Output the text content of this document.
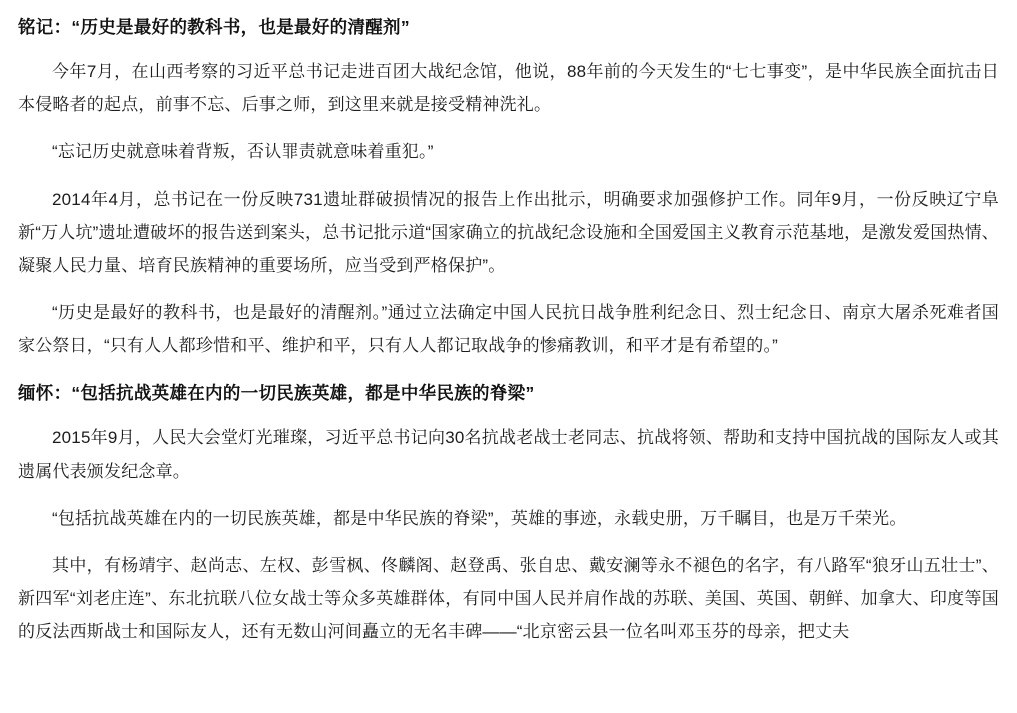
铭记：“历史是最好的教科书，也是最好的清醒剂”

今年7月，在山西考察的习近平总书记走进百团大战纪念馆，他说，88年前的今天发生的“七七事变”，是中华民族全面抗击日本侵略者的起点，前事不忘、后事之师，到这里来就是接受精神洗礼。

“忘记历史就意味着背叛，否认罪责就意味着重犯。”

2014年4月，总书记在一份反映731遗址群破损情况的报告上作出批示，明确要求加强修护工作。同年9月，一份反映辽宁阜新“万人坑”遗址遭破坏的报告送到案头，总书记批示道“国家确立的抗战纪念设施和全国爱国主义教育示范基地，是激发爱国热情、凝聚人民力量、培育民族精神的重要场所，应当受到严格保护”。

“历史是最好的教科书，也是最好的清醒剂。”通过立法确定中国人民抗日战争胜利纪念日、烈士纪念日、南京大屠杀死难者国家公祭日，“只有人人都珍惜和平、维护和平，只有人人都记取战争的惨痛教训，和平才是有希望的。”

缅怀：“包括抗战英雄在内的一切民族英雄，都是中华民族的脊梁”

2015年9月，人民大会堂灯光璀璨，习近平总书记向30名抗战老战士老同志、抗战将领、帮助和支持中国抗战的国际友人或其遗属代表颁发纪念章。

“包括抗战英雄在内的一切民族英雄，都是中华民族的脊梁”，英雄的事迹，永载史册，万千瞩目，也是万千荣光。

其中，有杨靖宇、赵尚志、左权、彭雪枫、佟麟阁、赵登禹、张自忠、戴安澜等永不褪色的名字，有八路军“狼牙山五壮士”、新四军“刘老庄连”、东北抗联八位女战士等众多英雄群体，有同中国人民并肩作战的苏联、美国、英国、朝鲜、加拿大、印度等国的反法西斯战士和国际友人，还有无数山河间矗立的无名丰碑——“北京密云县一位名叫邓玉芬的母亲，把丈夫
